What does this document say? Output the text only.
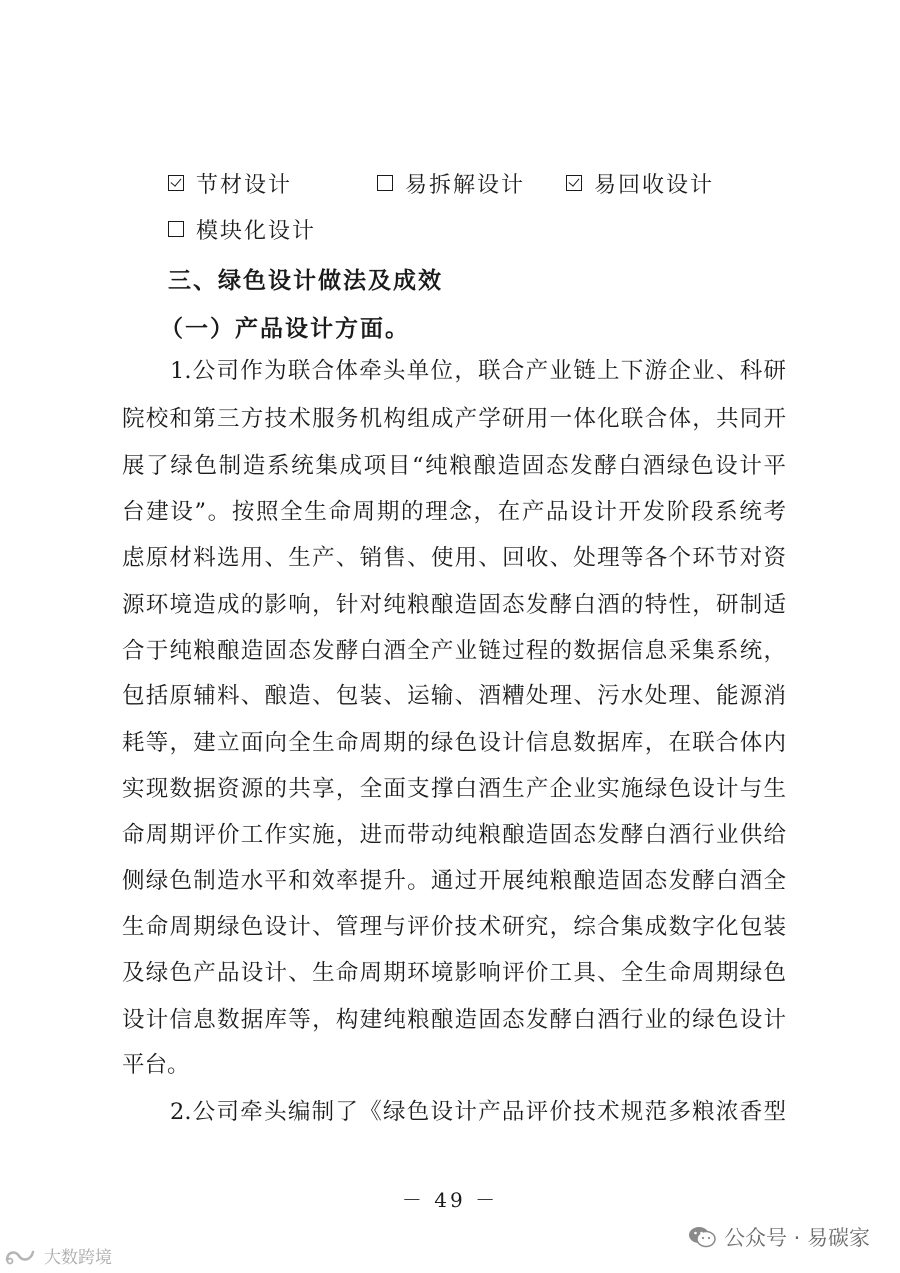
节材设计	易拆解设计	易回收设计
模块化设计
三、绿色设计做法及成效
（一）产品设计方面。
1.公司作为联合体牵头单位，联合产业链上下游企业、科研
院校和第三方技术服务机构组成产学研用一体化联合体，共同开
展了绿色制造系统集成项目“纯粮酿造固态发酵白酒绿色设计平
台建设”。按照全生命周期的理念，在产品设计开发阶段系统考
虑原材料选用、生产、销售、使用、回收、处理等各个环节对资
源环境造成的影响，针对纯粮酿造固态发酵白酒的特性，研制适
合于纯粮酿造固态发酵白酒全产业链过程的数据信息采集系统，
包括原辅料、酿造、包装、运输、酒糟处理、污水处理、能源消
耗等，建立面向全生命周期的绿色设计信息数据库，在联合体内
实现数据资源的共享，全面支撑白酒生产企业实施绿色设计与生
命周期评价工作实施，进而带动纯粮酿造固态发酵白酒行业供给
侧绿色制造水平和效率提升。通过开展纯粮酿造固态发酵白酒全
生命周期绿色设计、管理与评价技术研究，综合集成数字化包装
及绿色产品设计、生命周期环境影响评价工具、全生命周期绿色
设计信息数据库等，构建纯粮酿造固态发酵白酒行业的绿色设计
平台。
2.公司牵头编制了《绿色设计产品评价技术规范多粮浓香型
－ 49 －
公众号 · 易碳家
大数跨境
